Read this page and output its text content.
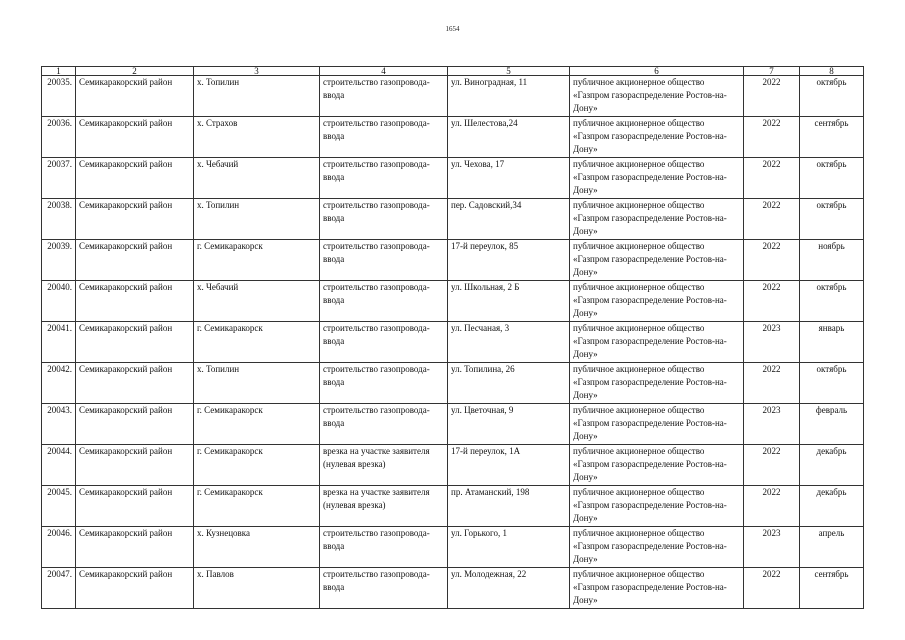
1654
1	2	3	4	5	6	7	8
20035.	Семикаракорский район	х. Топилин	строительство газопровода-ввода	ул. Виноградная, 11	публичное акционерное общество «Газпром газораспределение Ростов-на-Дону»	2022	октябрь
20036.	Семикаракорский район	х. Страхов	строительство газопровода-ввода	ул. Шелестова,24	публичное акционерное общество «Газпром газораспределение Ростов-на-Дону»	2022	сентябрь
20037.	Семикаракорский район	х. Чебачий	строительство газопровода-ввода	ул. Чехова, 17	публичное акционерное общество «Газпром газораспределение Ростов-на-Дону»	2022	октябрь
20038.	Семикаракорский район	х. Топилин	строительство газопровода-ввода	пер. Садовский,34	публичное акционерное общество «Газпром газораспределение Ростов-на-Дону»	2022	октябрь
20039.	Семикаракорский район	г. Семикаракорск	строительство газопровода-ввода	17-й переулок, 85	публичное акционерное общество «Газпром газораспределение Ростов-на-Дону»	2022	ноябрь
20040.	Семикаракорский район	х. Чебачий	строительство газопровода-ввода	ул. Школьная, 2 Б	публичное акционерное общество «Газпром газораспределение Ростов-на-Дону»	2022	октябрь
20041.	Семикаракорский район	г. Семикаракорск	строительство газопровода-ввода	ул. Песчаная, 3	публичное акционерное общество «Газпром газораспределение Ростов-на-Дону»	2023	январь
20042.	Семикаракорский район	х. Топилин	строительство газопровода-ввода	ул. Топилина, 26	публичное акционерное общество «Газпром газораспределение Ростов-на-Дону»	2022	октябрь
20043.	Семикаракорский район	г. Семикаракорск	строительство газопровода-ввода	ул. Цветочная, 9	публичное акционерное общество «Газпром газораспределение Ростов-на-Дону»	2023	февраль
20044.	Семикаракорский район	г. Семикаракорск	врезка на участке заявителя (нулевая врезка)	17-й переулок, 1А	публичное акционерное общество «Газпром газораспределение Ростов-на-Дону»	2022	декабрь
20045.	Семикаракорский район	г. Семикаракорск	врезка на участке заявителя (нулевая врезка)	пр. Атаманский, 198	публичное акционерное общество «Газпром газораспределение Ростов-на-Дону»	2022	декабрь
20046.	Семикаракорский район	х. Кузнецовка	строительство газопровода-ввода	ул. Горького, 1	публичное акционерное общество «Газпром газораспределение Ростов-на-Дону»	2023	апрель
20047.	Семикаракорский район	х. Павлов	строительство газопровода-ввода	ул. Молодежная, 22	публичное акционерное общество «Газпром газораспределение Ростов-на-Дону»	2022	сентябрь
